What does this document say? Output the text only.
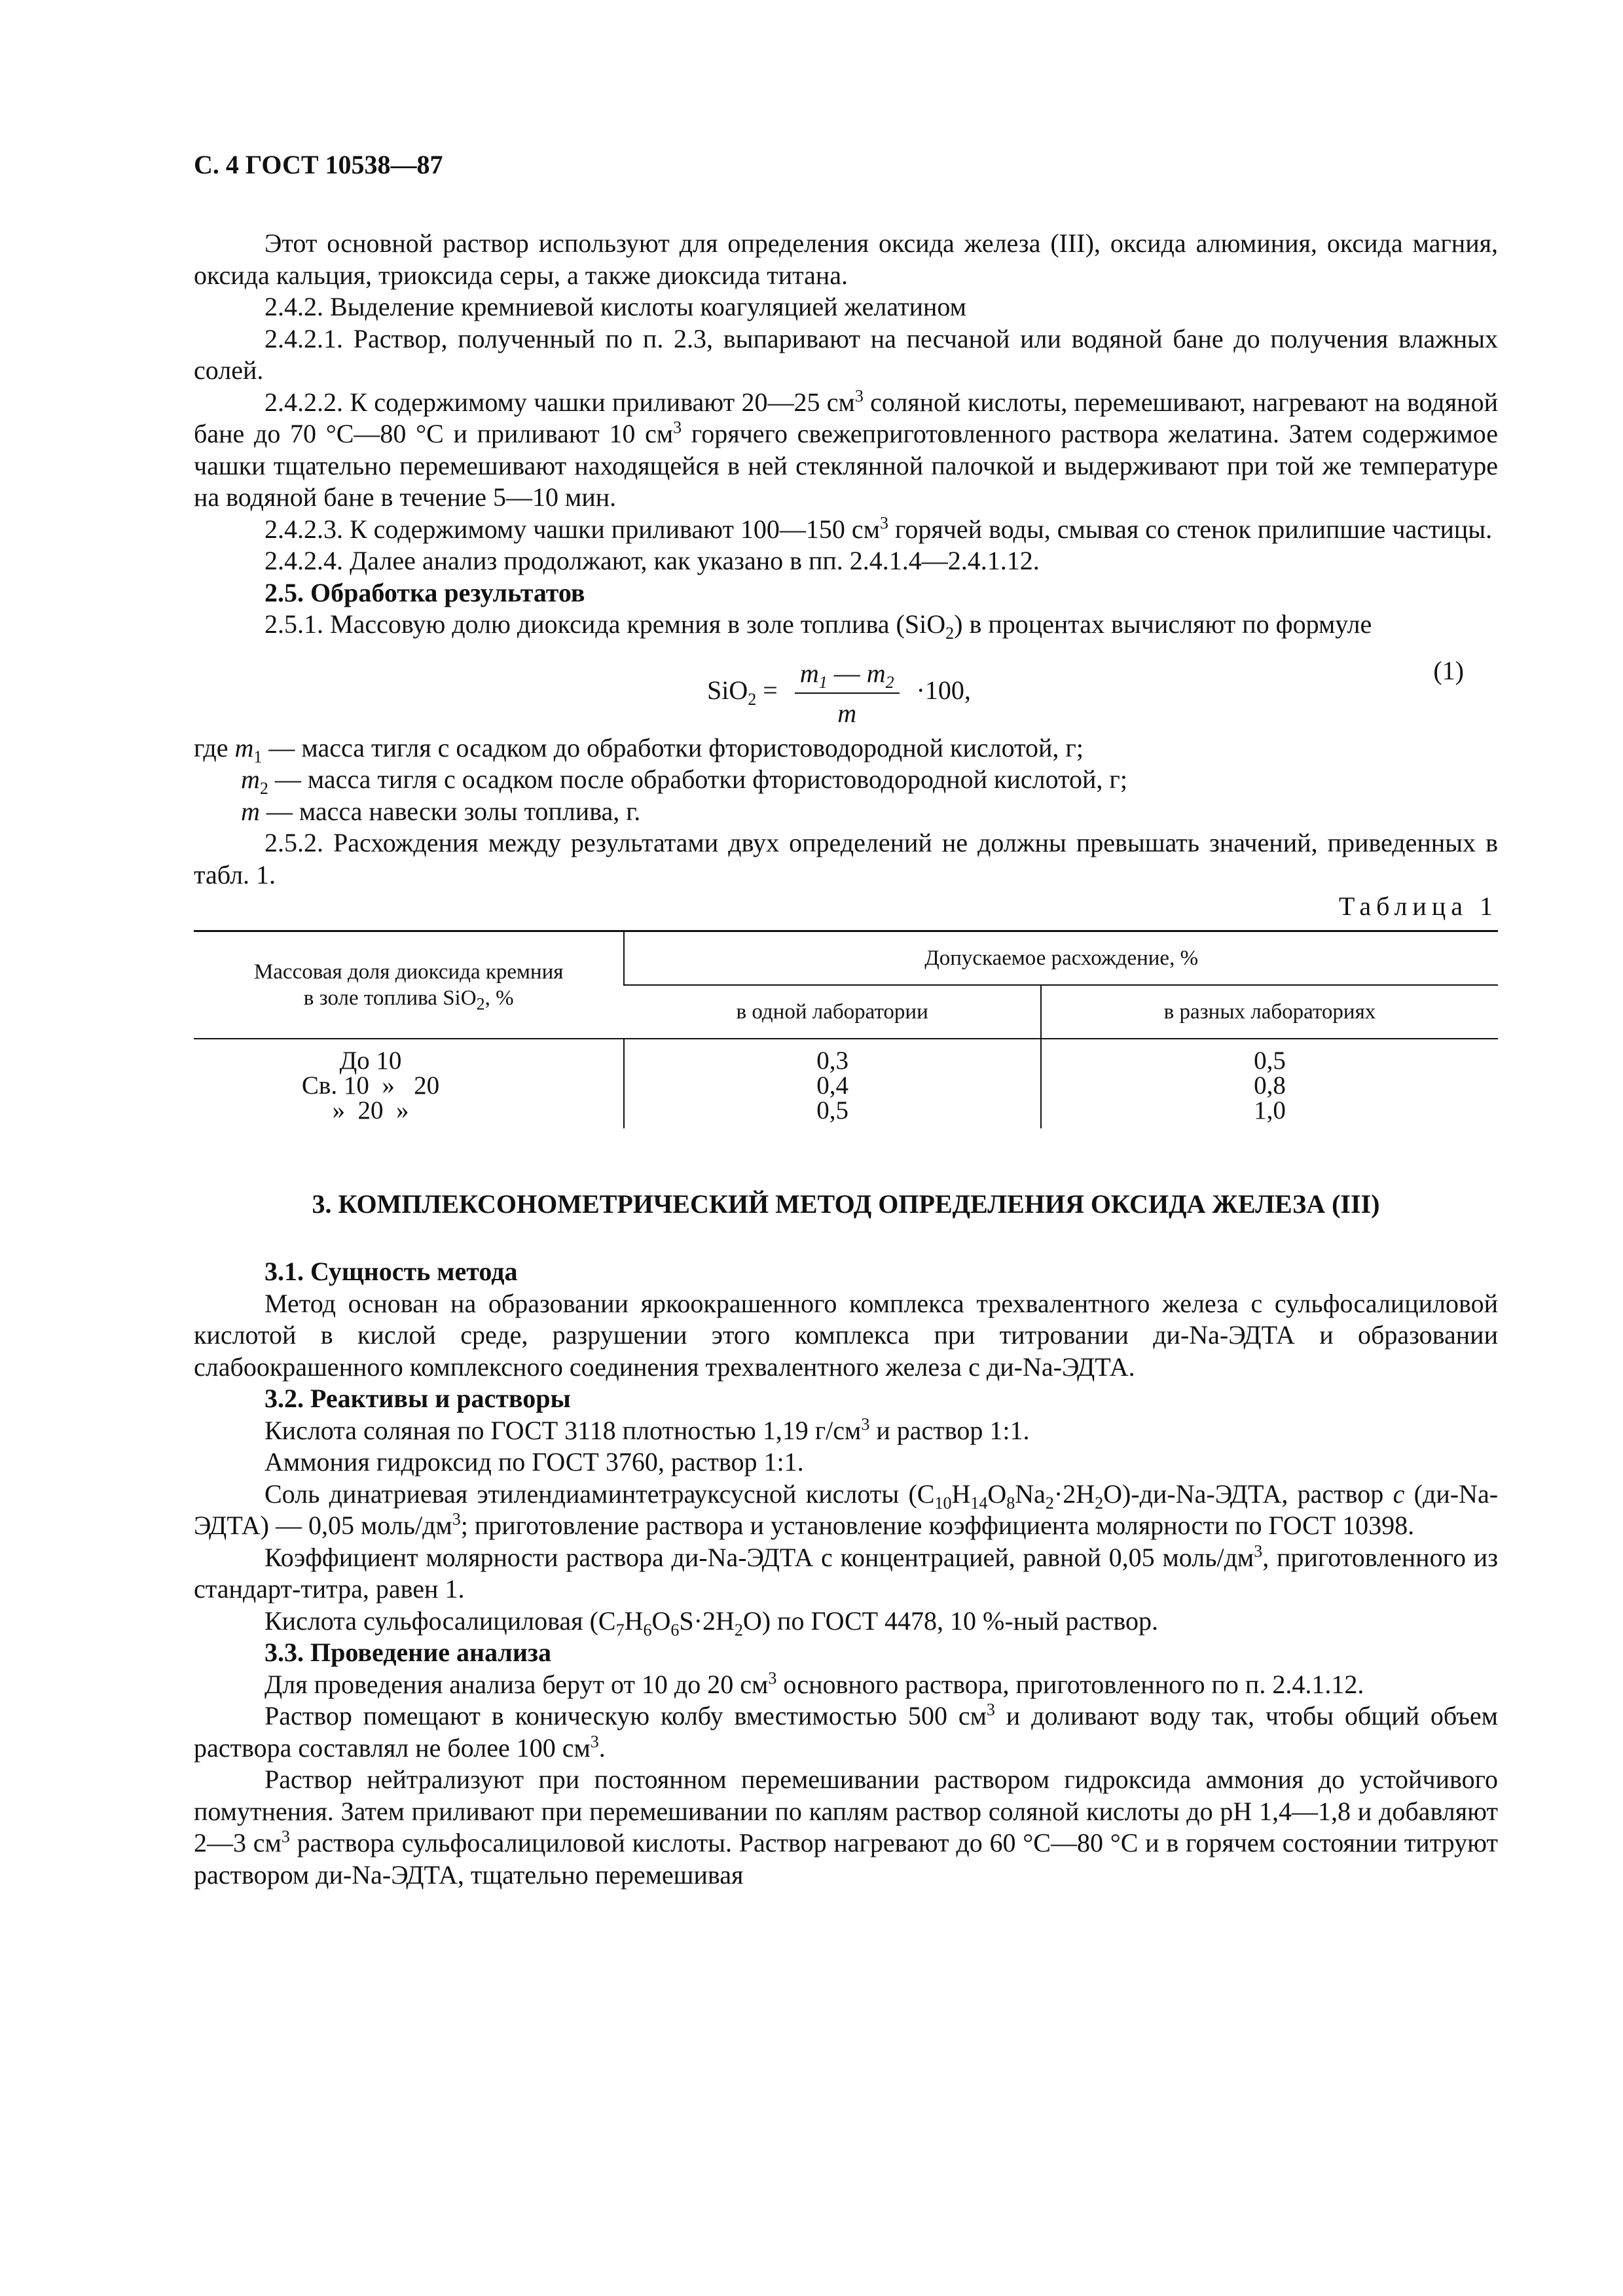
С. 4 ГОСТ 10538—87

Этот основной раствор используют для определения оксида железа (III), оксида алюминия, оксида магния, оксида кальция, триоксида серы, а также диоксида титана.

2.4.2. Выделение кремниевой кислоты коагуляцией желатином

2.4.2.1. Раствор, полученный по п. 2.3, выпаривают на песчаной или водяной бане до получения влажных солей.

2.4.2.2. К содержимому чашки приливают 20—25 $см^3$ соляной кислоты, перемешивают, нагревают на водяной бане до 70 °С—80 °С и приливают 10 $см^3$ горячего свежеприготовленного раствора желатина. Затем содержимое чашки тщательно перемешивают находящейся в ней стеклянной палочкой и выдерживают при той же температуре на водяной бане в течение 5—10 мин.

2.4.2.3. К содержимому чашки приливают 100—150 $см^3$ горячей воды, смывая со стенок прилипшие частицы.

2.4.2.4. Далее анализ продолжают, как указано в пп. 2.4.1.4—2.4.1.12.

2.5. Обработка результатов

2.5.1. Массовую долю диоксида кремния в золе топлива (SiO$_2$) в процентах вычисляют по формуле

$SiO_2 = \frac{m_1 — m_2}{m} \cdot 100$,
(1)

где $m_1$ — масса тигля с осадком до обработки фтористоводородной кислотой, г;

$m_2$ — масса тигля с осадком после обработки фтористоводородной кислотой, г;

m — масса навески золы топлива, г.

2.5.2. Расхождения между результатами двух определений не должны превышать значений, приведенных в табл. 1.

Таблица 1
Массовая доля диоксида кремния
в золе топлива SiO$_2$, %	Допускаемое расхождение, %	
	в одной лаборатории	в разных лабораториях
До 10	0,3	0,5
Св. 10  »   20	0,4	0,8
»  20  »	0,5	1,0

3. КОМПЛЕКСОНОМЕТРИЧЕСКИЙ МЕТОД ОПРЕДЕЛЕНИЯ ОКСИДА ЖЕЛЕЗА (III)

3.1. Сущность метода

Метод основан на образовании яркоокрашенного комплекса трехвалентного железа с сульфосалициловой кислотой в кислой среде, разрушении этого комплекса при титровании ди-Na-ЭДТА и образовании слабоокрашенного комплексного соединения трехвалентного железа с ди-Na-ЭДТА.

3.2. Реактивы и растворы

Кислота соляная по ГОСТ 3118 плотностью 1,19 $г/см^3$ и раствор 1:1.

Аммония гидроксид по ГОСТ 3760, раствор 1:1.

Соль динатриевая этилендиаминтетрауксусной кислоты $(C_{10}H_{14}O_8Na_2\cdot 2H_2O)-ди-Na$-ЭДТА, раствор c (ди-Na-ЭДТА) — 0,05 моль/$дм^3$; приготовление раствора и установление коэффициента молярности по ГОСТ 10398.

Коэффициент молярности раствора ди-Na-ЭДТА с концентрацией, равной 0,05 моль/$дм^3$, приготовленного из стандарт-титра, равен 1.

Кислота сульфосалициловая $(C_7H_6O_6S\cdot 2H_2O)$ по ГОСТ 4478, 10 %-ный раствор.

3.3. Проведение анализа

Для проведения анализа берут от 10 до 20 $см^3$ основного раствора, приготовленного по п. 2.4.1.12.

Раствор помещают в коническую колбу вместимостью 500 $см^3$ и доливают воду так, чтобы общий объем раствора составлял не более 100 $см^3$.

Раствор нейтрализуют при постоянном перемешивании раствором гидроксида аммония до устойчивого помутнения. Затем приливают при перемешивании по каплям раствор соляной кислоты до pH 1,4—1,8 и добавляют 2—3 $см^3$ раствора сульфосалициловой кислоты. Раствор нагревают до 60 °С—80 °С и в горячем состоянии титруют раствором ди-Na-ЭДТА, тщательно перемешивая
